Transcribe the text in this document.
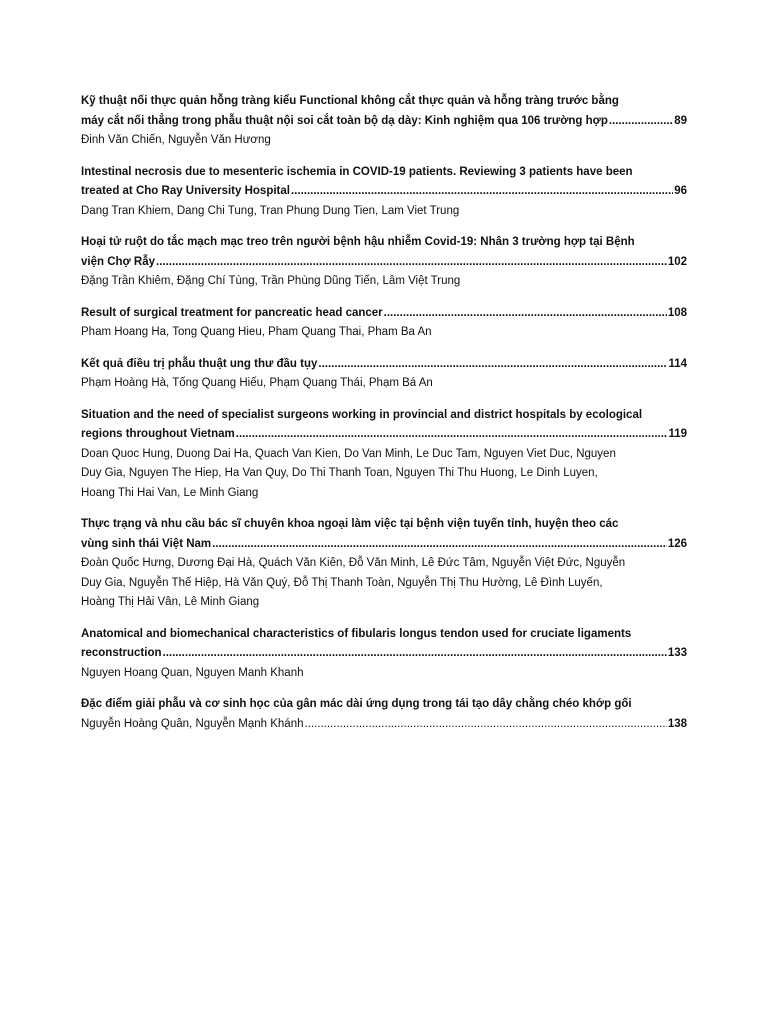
Kỹ thuật nối thực quản hỗng tràng kiểu Functional không cắt thực quản và hỗng tràng trước bằng
máy cắt nối thẳng trong phẫu thuật nội soi cắt toàn bộ dạ dày: Kinh nghiệm qua 106 trường hợp .....	89
Đinh Văn Chiến, Nguyễn Văn Hương
Intestinal necrosis due to mesenteric ischemia in COVID-19 patients. Reviewing 3 patients have been
treated at Cho Ray University Hospital .....	96
Dang Tran Khiem, Dang Chi Tung, Tran Phung Dung Tien, Lam Viet Trung
Hoại tử ruột do tắc mạch mạc treo trên người bệnh hậu nhiễm Covid-19: Nhân 3 trường hợp tại Bệnh
viện Chợ Rẫy .....	102
Đặng Trần Khiêm, Đặng Chí Tùng, Trần Phùng Dũng Tiến, Lâm Việt Trung
Result of surgical treatment for pancreatic head cancer .....	108
Pham Hoang Ha, Tong Quang Hieu, Pham Quang Thai, Pham Ba An
Kết quả điều trị phẫu thuật ung thư đầu tụy .....	114
Phạm Hoàng Hà, Tống Quang Hiếu, Phạm Quang Thái, Phạm Bá An
Situation and the need of specialist surgeons working in provincial and district hospitals by ecological
regions throughout Vietnam .....	119
Doan Quoc Hung, Duong Dai Ha, Quach Van Kien, Do Van Minh, Le Duc Tam, Nguyen Viet Duc, Nguyen
Duy Gia, Nguyen The Hiep, Ha Van Quy, Do Thi Thanh Toan, Nguyen Thi Thu Huong, Le Dinh Luyen,
Hoang Thi Hai Van, Le Minh Giang
Thực trạng và nhu cầu bác sĩ chuyên khoa ngoại làm việc tại bệnh viện tuyến tỉnh, huyện theo các
vùng sinh thái Việt Nam .....	126
Đoàn Quốc Hưng, Dương Đại Hà, Quách Văn Kiên, Đỗ Văn Minh, Lê Đức Tâm, Nguyễn Việt Đức, Nguyễn
Duy Gia, Nguyễn Thế Hiệp, Hà Văn Quý, Đỗ Thị Thanh Toàn, Nguyễn Thị Thu Hường, Lê Đình Luyến,
Hoàng Thị Hải Vân, Lê Minh Giang
Anatomical and biomechanical characteristics of fibularis longus tendon used for cruciate ligaments
reconstruction .....	133
Nguyen Hoang Quan, Nguyen Manh Khanh
Đặc điểm giải phẫu và cơ sinh học của gân mác dài ứng dụng trong tái tạo dây chằng chéo khớp gối
Nguyễn Hoàng Quân, Nguyễn Mạnh Khánh .....	138
